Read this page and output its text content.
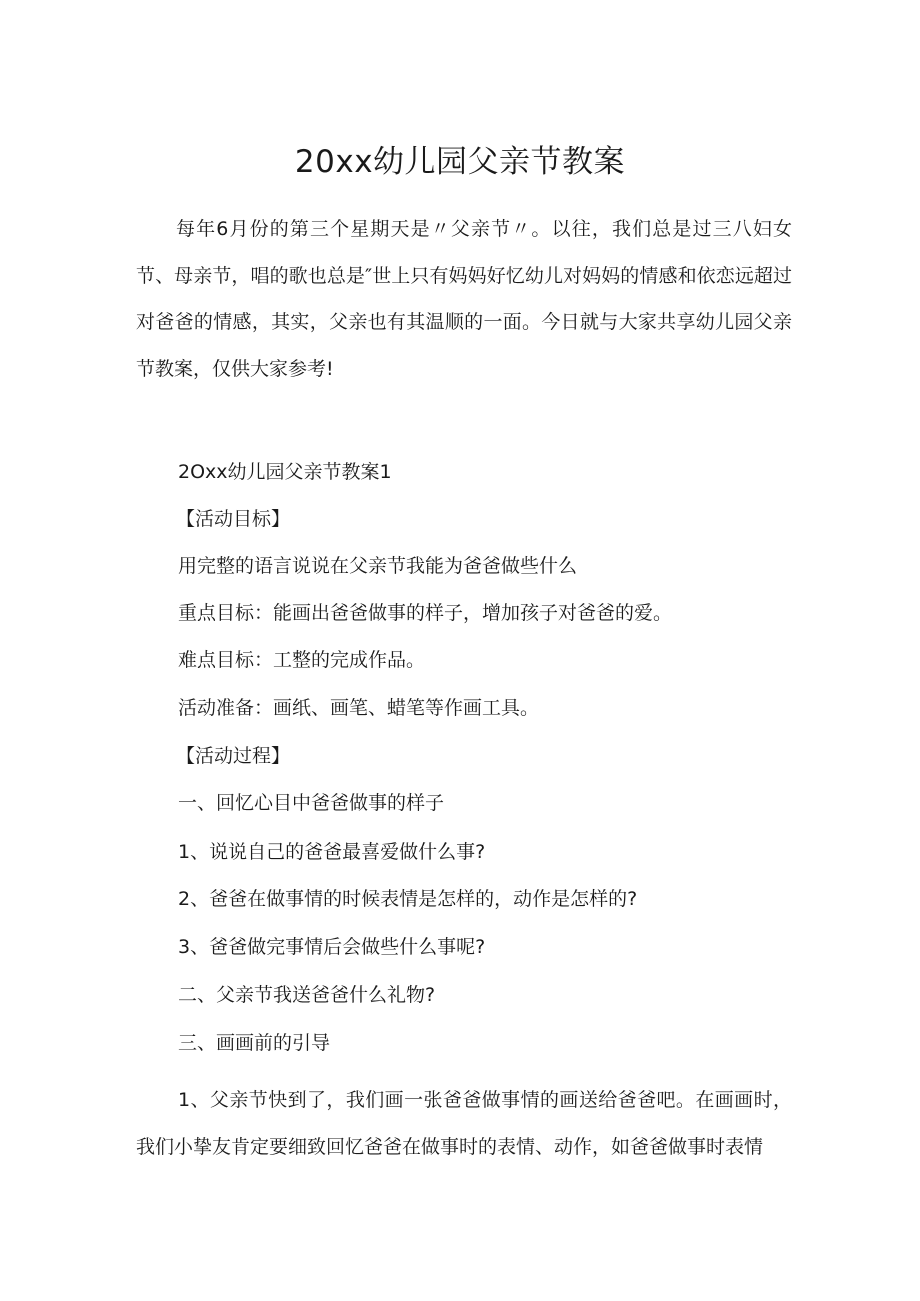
20xx幼儿园父亲节教案

每年6月份的第三个星期天是〃父亲节〃。以往，我们总是过三八妇女节、母亲节，唱的歌也总是″世上只有妈妈好忆幼儿对妈妈的情感和依恋远超过对爸爸的情感，其实，父亲也有其温顺的一面。今日就与大家共享幼儿园父亲节教案，仅供大家参考!

2Oxx幼儿园父亲节教案1

【活动目标】

用完整的语言说说在父亲节我能为爸爸做些什么

重点目标：能画出爸爸做事的样子，增加孩子对爸爸的爱。

难点目标：工整的完成作品。

活动准备：画纸、画笔、蜡笔等作画工具。

【活动过程】

一、回忆心目中爸爸做事的样子

1、说说自己的爸爸最喜爱做什么事?

2、爸爸在做事情的时候表情是怎样的，动作是怎样的?

3、爸爸做完事情后会做些什么事呢?

二、父亲节我送爸爸什么礼物?

三、画画前的引导

1、父亲节快到了，我们画一张爸爸做事情的画送给爸爸吧。在画画时，我们小挚友肯定要细致回忆爸爸在做事时的表情、动作，如爸爸做事时表情
